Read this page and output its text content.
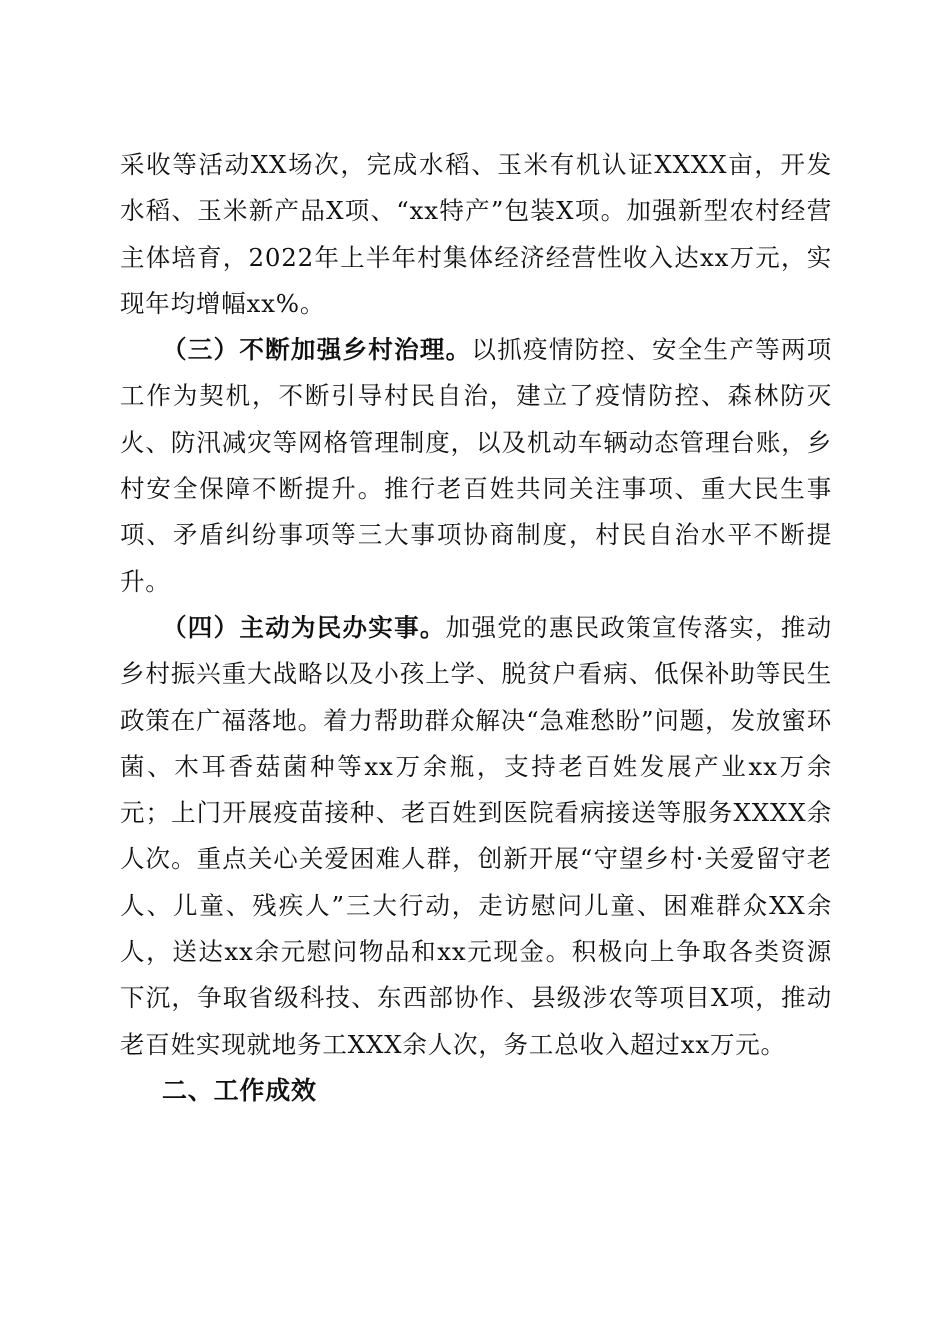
采收等活动XX场次，完成水稻、玉米有机认证XXXX亩，开发水稻、玉米新产品X项、“xx特产”包装X项。加强新型农村经营主体培育，2022年上半年村集体经济经营性收入达xx万元，实现年均增幅xx%。

（三）不断加强乡村治理。以抓疫情防控、安全生产等两项工作为契机，不断引导村民自治，建立了疫情防控、森林防灭火、防汛减灾等网格管理制度，以及机动车辆动态管理台账，乡村安全保障不断提升。推行老百姓共同关注事项、重大民生事项、矛盾纠纷事项等三大事项协商制度，村民自治水平不断提升。

（四）主动为民办实事。加强党的惠民政策宣传落实，推动乡村振兴重大战略以及小孩上学、脱贫户看病、低保补助等民生政策在广福落地。着力帮助群众解决“急难愁盼”问题，发放蜜环菌、木耳香菇菌种等xx万余瓶，支持老百姓发展产业xx万余元；上门开展疫苗接种、老百姓到医院看病接送等服务XXXX余人次。重点关心关爱困难人群，创新开展“守望乡村·关爱留守老人、儿童、残疾人”三大行动，走访慰问儿童、困难群众XX余人，送达xx余元慰问物品和xx元现金。积极向上争取各类资源下沉，争取省级科技、东西部协作、县级涉农等项目X项，推动老百姓实现就地务工XXX余人次，务工总收入超过xx万元。

二、工作成效
